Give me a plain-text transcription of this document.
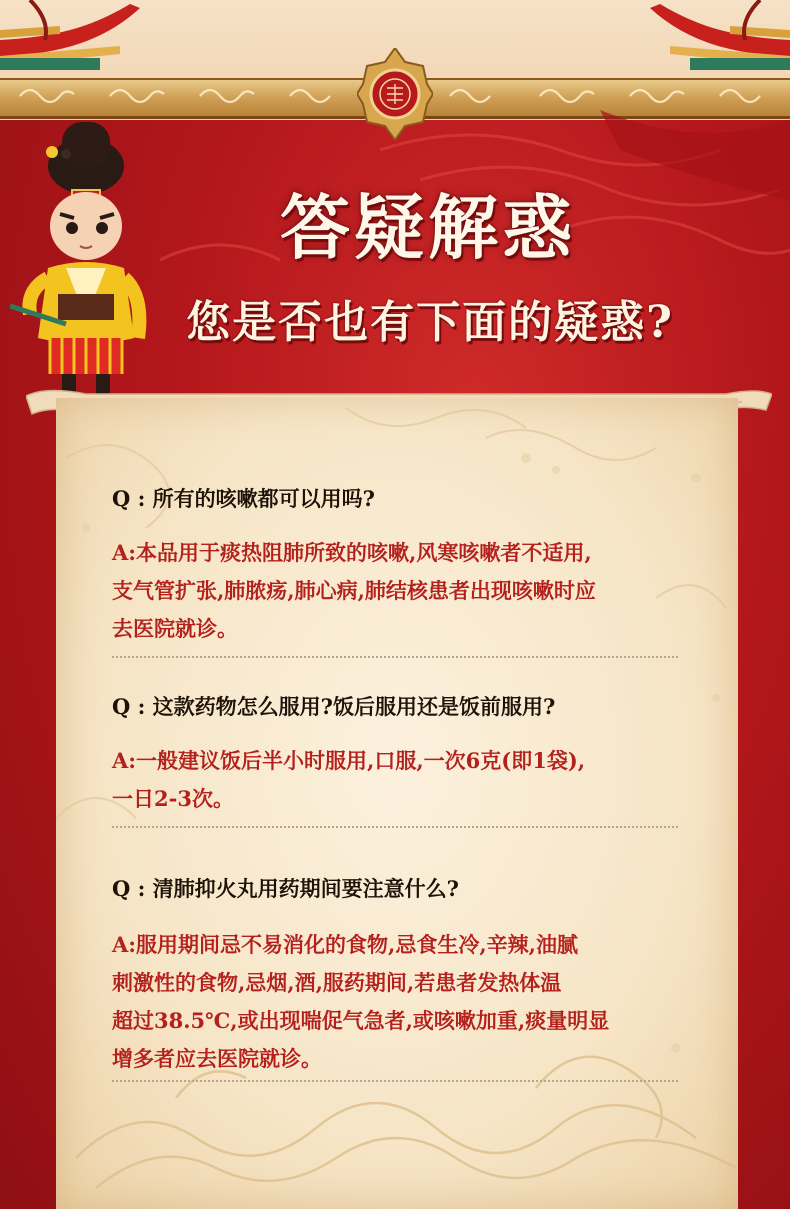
答疑解惑
您是否也有下面的疑惑?

Q : 所有的咳嗽都可以用吗?

A:本品用于痰热阻肺所致的咳嗽,风寒咳嗽者不适用,
支气管扩张,肺脓疡,肺心病,肺结核患者出现咳嗽时应
去医院就诊。

Q : 这款药物怎么服用?饭后服用还是饭前服用?

A:一般建议饭后半小时服用,口服,一次6克(即1袋),
一日2-3次。

Q : 清肺抑火丸用药期间要注意什么?

A:服用期间忌不易消化的食物,忌食生冷,辛辣,油腻
刺激性的食物,忌烟,酒,服药期间,若患者发热体温
超过38.5℃,或出现喘促气急者,或咳嗽加重,痰量明显
增多者应去医院就诊。
